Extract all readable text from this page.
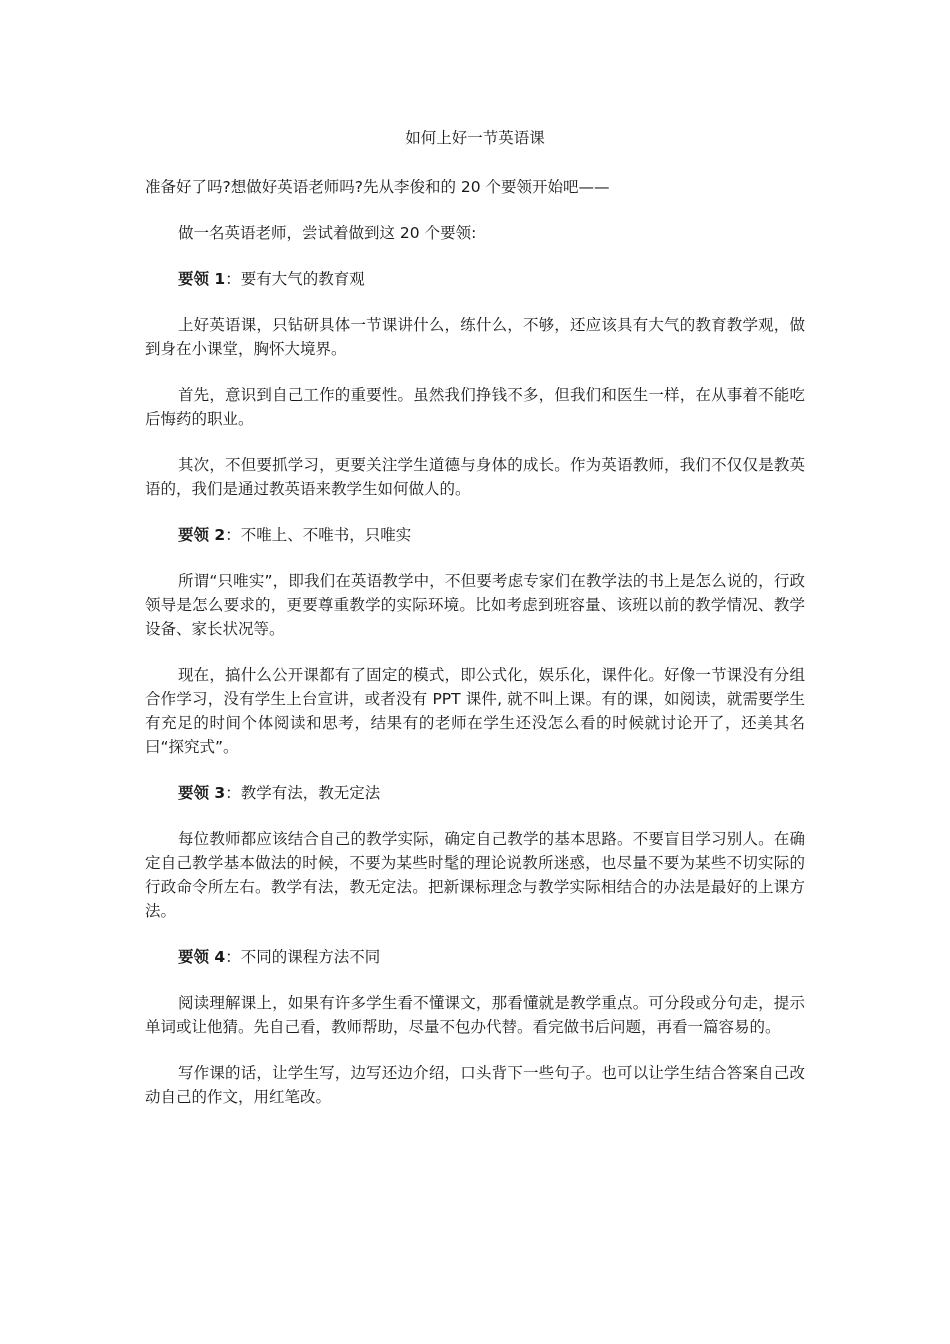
如何上好一节英语课
准备好了吗?想做好英语老师吗?先从李俊和的 20 个要领开始吧——
做一名英语老师，尝试着做到这 20 个要领:
要领 1：要有大气的教育观
上好英语课，只钻研具体一节课讲什么，练什么，不够，还应该具有大气的教育教学观，做到身在小课堂，胸怀大境界。
首先，意识到自己工作的重要性。虽然我们挣钱不多，但我们和医生一样，在从事着不能吃后悔药的职业。
其次，不但要抓学习，更要关注学生道德与身体的成长。作为英语教师，我们不仅仅是教英语的，我们是通过教英语来教学生如何做人的。
要领 2：不唯上、不唯书，只唯实
所谓“只唯实”，即我们在英语教学中，不但要考虑专家们在教学法的书上是怎么说的，行政领导是怎么要求的，更要尊重教学的实际环境。比如考虑到班容量、该班以前的教学情况、教学设备、家长状况等。
现在，搞什么公开课都有了固定的模式，即公式化，娱乐化，课件化。好像一节课没有分组合作学习，没有学生上台宣讲，或者没有 PPT 课件, 就不叫上课。有的课，如阅读，就需要学生有充足的时间个体阅读和思考，结果有的老师在学生还没怎么看的时候就讨论开了，还美其名曰“探究式”。
要领 3：教学有法，教无定法
每位教师都应该结合自己的教学实际，确定自己教学的基本思路。不要盲目学习别人。在确定自己教学基本做法的时候，不要为某些时髦的理论说教所迷惑，也尽量不要为某些不切实际的行政命令所左右。教学有法，教无定法。把新课标理念与教学实际相结合的办法是最好的上课方法。
要领 4：不同的课程方法不同
阅读理解课上，如果有许多学生看不懂课文，那看懂就是教学重点。可分段或分句走，提示单词或让他猜。先自己看，教师帮助，尽量不包办代替。看完做书后问题，再看一篇容易的。
写作课的话，让学生写，边写还边介绍，口头背下一些句子。也可以让学生结合答案自己改动自己的作文，用红笔改。
